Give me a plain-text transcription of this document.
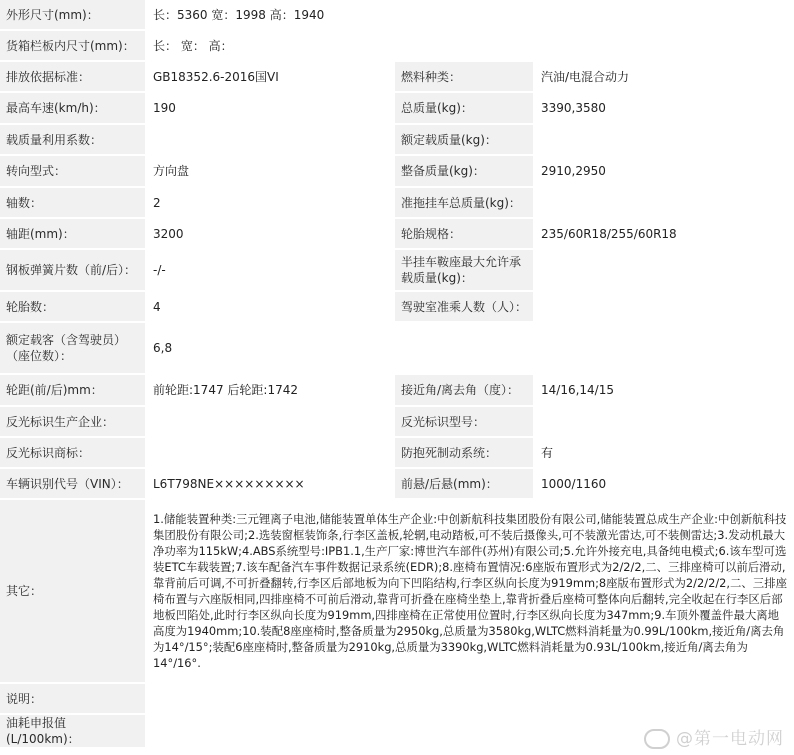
外形尺寸(mm)：	长：5360 宽：1998 高：1940		
货箱栏板内尺寸(mm)：	长： 宽： 高：		
排放依据标准：	GB18352.6-2016国VI	燃料种类：	汽油/电混合动力
最高车速(km/h)：	190	总质量(kg)：	3390,3580
载质量利用系数：		额定载质量(kg)：	
转向型式：	方向盘	整备质量(kg)：	2910,2950
轴数：	2	准拖挂车总质量(kg)：	
轴距(mm)：	3200	轮胎规格：	235/60R18/255/60R18
钢板弹簧片数（前/后）：	-/-	半挂车鞍座最大允许承载质量(kg)：	
轮胎数：	4	驾驶室准乘人数（人）：	
额定载客（含驾驶员）（座位数）：	6,8		
轮距(前/后)mm：	前轮距:1747 后轮距:1742	接近角/离去角（度）：	14/16,14/15
反光标识生产企业：		反光标识型号：	
反光标识商标：		防抱死制动系统：	有
车辆识别代号（VIN）：	L6T798NE×××××××××	前悬/后悬(mm)：	1000/1160
其它：	1.储能装置种类:三元锂离子电池,储能装置单体生产企业:中创新航科技集团股份有限公司,储能装置总成生产企业:中创新航科技集团股份有限公司;2.选装窗框装饰条,行李区盖板,轮辋,电动踏板,可不装后摄像头,可不装激光雷达,可不装侧雷达;3.发动机最大净功率为115kW;4.ABS系统型号:IPB1.1,生产厂家:博世汽车部件(苏州)有限公司;5.允许外接充电,具备纯电模式;6.该车型可选装ETC车载装置;7.该车配备汽车事件数据记录系统(EDR);8.座椅布置情况:6座版布置形式为2/2/2,二、三排座椅可以前后滑动,靠背前后可调,不可折叠翻转,行李区后部地板为向下凹陷结构,行李区纵向长度为919mm;8座版布置形式为2/2/2/2,二、三排座椅布置与六座版相同,四排座椅不可前后滑动,靠背可折叠在座椅坐垫上,靠背折叠后座椅可整体向后翻转,完全收起在行李区后部地板凹陷处,此时行李区纵向长度为919mm,四排座椅在正常使用位置时,行李区纵向长度为347mm;9.车顶外覆盖件最大离地高度为1940mm;10.装配8座座椅时,整备质量为2950kg,总质量为3580kg,WLTC燃料消耗量为0.99L/100km,接近角/离去角为14°/15°;装配6座座椅时,整备质量为2910kg,总质量为3390kg,WLTC燃料消耗量为0.93L/100km,接近角/离去角为14°/16°.		
说明：			
油耗申报值(L/100km)：				@第一电动网
